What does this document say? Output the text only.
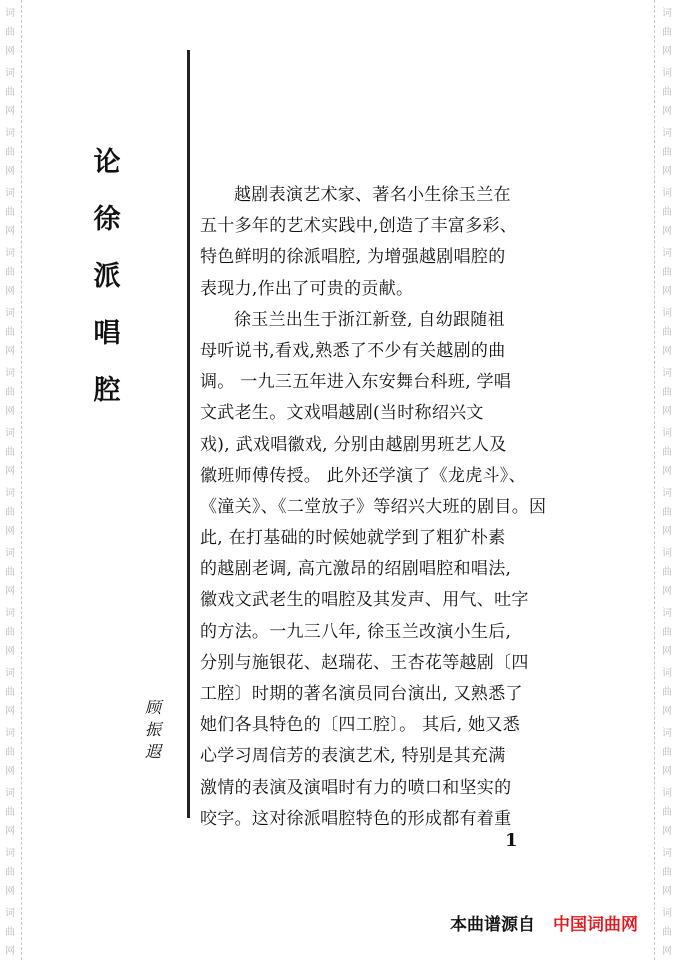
词
曲
网
词
曲
网
词
曲
网
词
曲
网
词
曲
网
词
曲
网
词
曲
网
词
曲
网
词
曲
网
词
曲
网
词
曲
网
词
曲
网
词
曲
网
词
曲
网
词
曲
网
词
曲
网
词
曲
网
词
曲
网
词
曲
网
词
曲
网
词
曲
网
词
曲
网
词
曲
网
词
曲
网
词
曲
网
词
曲
网
词
曲
网
词
曲
网
词
曲
网
词
曲
网
词
曲
网
词
曲
网
论
徐
派
唱
腔
顾
振
遐
越剧表演艺术家、著名小生徐玉兰在
五十多年的艺术实践中,创造了丰富多彩、
特色鲜明的徐派唱腔, 为增强越剧唱腔的
表现力,作出了可贵的贡献。
徐玉兰出生于浙江新登, 自幼跟随祖
母听说书,看戏,熟悉了不少有关越剧的曲
调。 一九三五年进入东安舞台科班, 学唱
文武老生。文戏唱越剧(当时称绍兴文
戏), 武戏唱徽戏, 分别由越剧男班艺人及
徽班师傅传授。 此外还学演了《龙虎斗》、
《潼关》、《二堂放子》等绍兴大班的剧目。因
此, 在打基础的时候她就学到了粗犷朴素
的越剧老调, 高亢激昂的绍剧唱腔和唱法,
徽戏文武老生的唱腔及其发声、用气、吐字
的方法。一九三八年, 徐玉兰改演小生后,
分别与施银花、赵瑞花、王杏花等越剧〔四
工腔〕时期的著名演员同台演出, 又熟悉了
她们各具特色的〔四工腔〕。 其后, 她又悉
心学习周信芳的表演艺术, 特别是其充满
激情的表演及演唱时有力的喷口和坚实的
咬字。这对徐派唱腔特色的形成都有着重
1
本曲谱源自 中国词曲网
